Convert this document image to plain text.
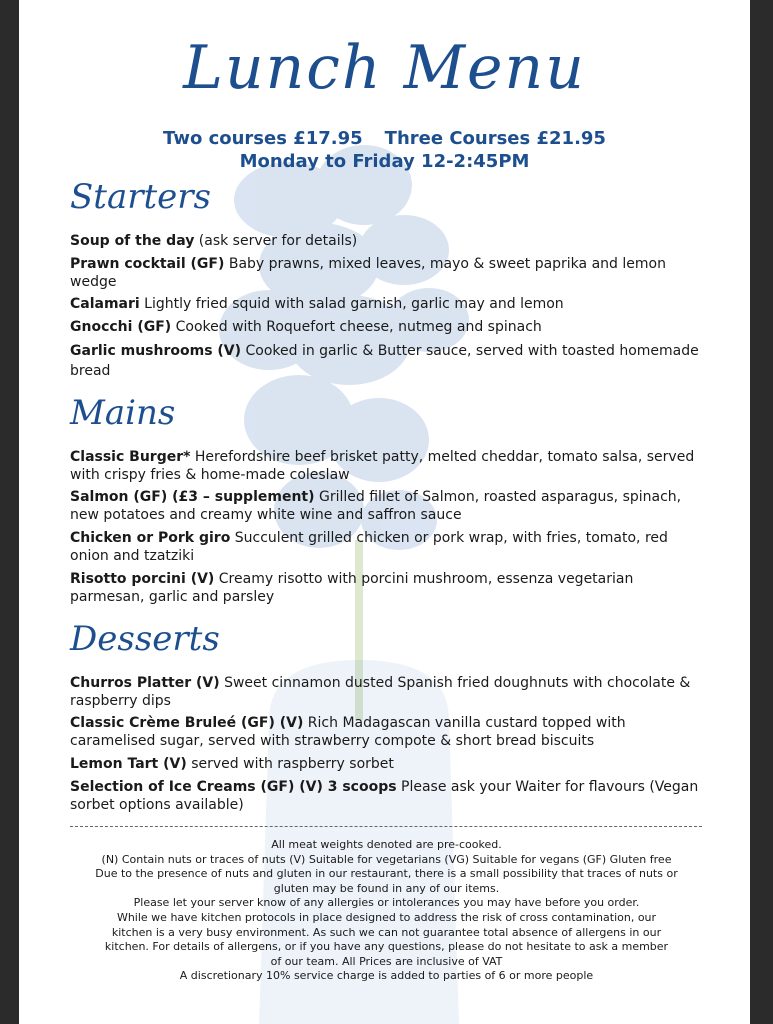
Lunch Menu
Two courses £17.95 Three Courses £21.95
Monday to Friday 12-2:45PM
Starters
Soup of the day (ask server for details)
Prawn cocktail (GF) Baby prawns, mixed leaves, mayo & sweet paprika and lemon wedge
Calamari Lightly fried squid with salad garnish, garlic may and lemon
Gnocchi (GF) Cooked with Roquefort cheese, nutmeg and spinach
Garlic mushrooms (V) Cooked in garlic & Butter sauce, served with toasted homemade bread
Mains
Classic Burger* Herefordshire beef brisket patty, melted cheddar, tomato salsa, served with crispy fries & home-made coleslaw
Salmon (GF) (£3 – supplement) Grilled fillet of Salmon, roasted asparagus, spinach, new potatoes and creamy white wine and saffron sauce
Chicken or Pork giro Succulent grilled chicken or pork wrap, with fries, tomato, red onion and tzatziki
Risotto porcini (V) Creamy risotto with porcini mushroom, essenza vegetarian parmesan, garlic and parsley
Desserts
Churros Platter (V) Sweet cinnamon dusted Spanish fried doughnuts with chocolate & raspberry dips
Classic Crème Bruleé (GF) (V) Rich Madagascan vanilla custard topped with caramelised sugar, served with strawberry compote & short bread biscuits
Lemon Tart (V) served with raspberry sorbet
Selection of Ice Creams (GF) (V) 3 scoops Please ask your Waiter for flavours (Vegan sorbet options available)
All meat weights denoted are pre-cooked.
(N) Contain nuts or traces of nuts (V) Suitable for vegetarians (VG) Suitable for vegans (GF) Gluten free
Due to the presence of nuts and gluten in our restaurant, there is a small possibility that traces of nuts or
gluten may be found in any of our items.
Please let your server know of any allergies or intolerances you may have before you order.
While we have kitchen protocols in place designed to address the risk of cross contamination, our
kitchen is a very busy environment. As such we can not guarantee total absence of allergens in our
kitchen. For details of allergens, or if you have any questions, please do not hesitate to ask a member
of our team. All Prices are inclusive of VAT
A discretionary 10% service charge is added to parties of 6 or more people
